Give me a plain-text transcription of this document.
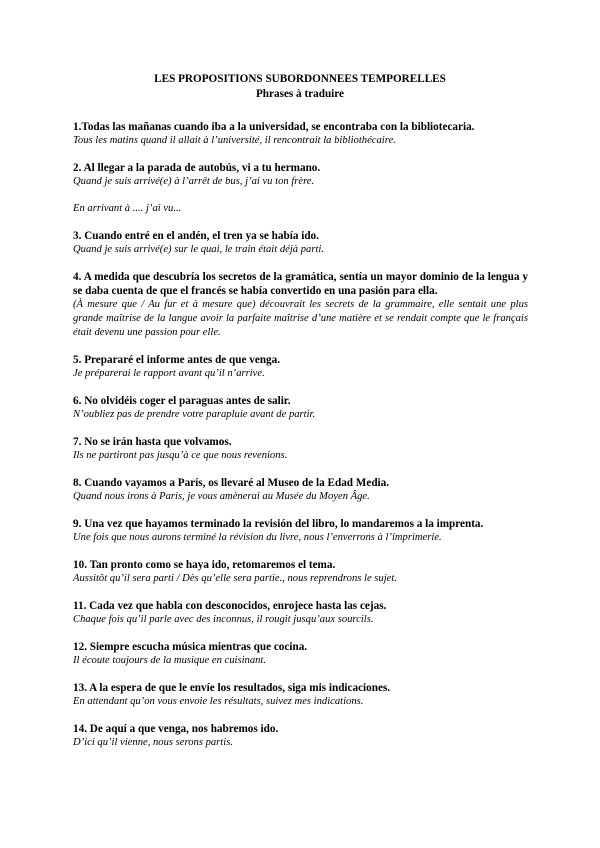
LES PROPOSITIONS SUBORDONNEES TEMPORELLES
Phrases à traduire
1.Todas las mañanas cuando iba a la universidad, se encontraba con la bibliotecaria.
Tous les matins quand il allait à l’université, il rencontrait la bibliothécaire.
2. Al llegar a la parada de autobús, vi a tu hermano.
Quand je suis arrivé(e) à l’arrêt de bus, j’ai vu ton frère.
En arrivant à .... j’ai vu...
3. Cuando entré en el andén, el tren ya se había ido.
Quand je suis arrivé(e) sur le quai, le train était déjà parti.
4. A medida que descubría los secretos de la gramática, sentía un mayor dominio de la lengua y se daba cuenta de que el francés se había convertido en una pasión para ella.
(À mesure que / Au fur et à mesure que) découvrait les secrets de la grammaire, elle sentait une plus grande maîtrise de la langue avoir la parfaite maîtrise d’une matière et se rendait compte que le français était devenu une passion pour elle.
5. Prepararé el informe antes de que venga.
Je préparerai le rapport avant qu’il n’arrive.
6. No olvidéis coger el paraguas antes de salir.
N’oubliez pas de prendre votre parapluie avant de partir.
7. No se irán hasta que volvamos.
Ils ne partiront pas jusqu’à ce que nous revenions.
8. Cuando vayamos a París, os llevaré al Museo de la Edad Media.
Quand nous irons à Paris, je vous amènerai au Musée du Moyen Âge.
9. Una vez que hayamos terminado la revisión del libro, lo mandaremos a la imprenta.
Une fois que nous aurons terminé la révision du livre, nous l’enverrons à l’imprimerie.
10. Tan pronto como se haya ido, retomaremos el tema.
Aussitôt qu’il sera parti / Dès qu’elle sera partie., nous reprendrons le sujet.
11. Cada vez que habla con desconocidos, enrojece hasta las cejas.
Chaque fois qu’il parle avec des inconnus, il rougit jusqu’aux sourcils.
12. Siempre escucha música mientras que cocina.
Il écoute toujours de la musique en cuisinant.
13. A la espera de que le envíe los resultados, siga mis indicaciones.
En attendant qu’on vous envoie les résultats, suivez mes indications.
14. De aquí a que venga, nos habremos ido.
D’ici qu’il vienne, nous serons partis.
